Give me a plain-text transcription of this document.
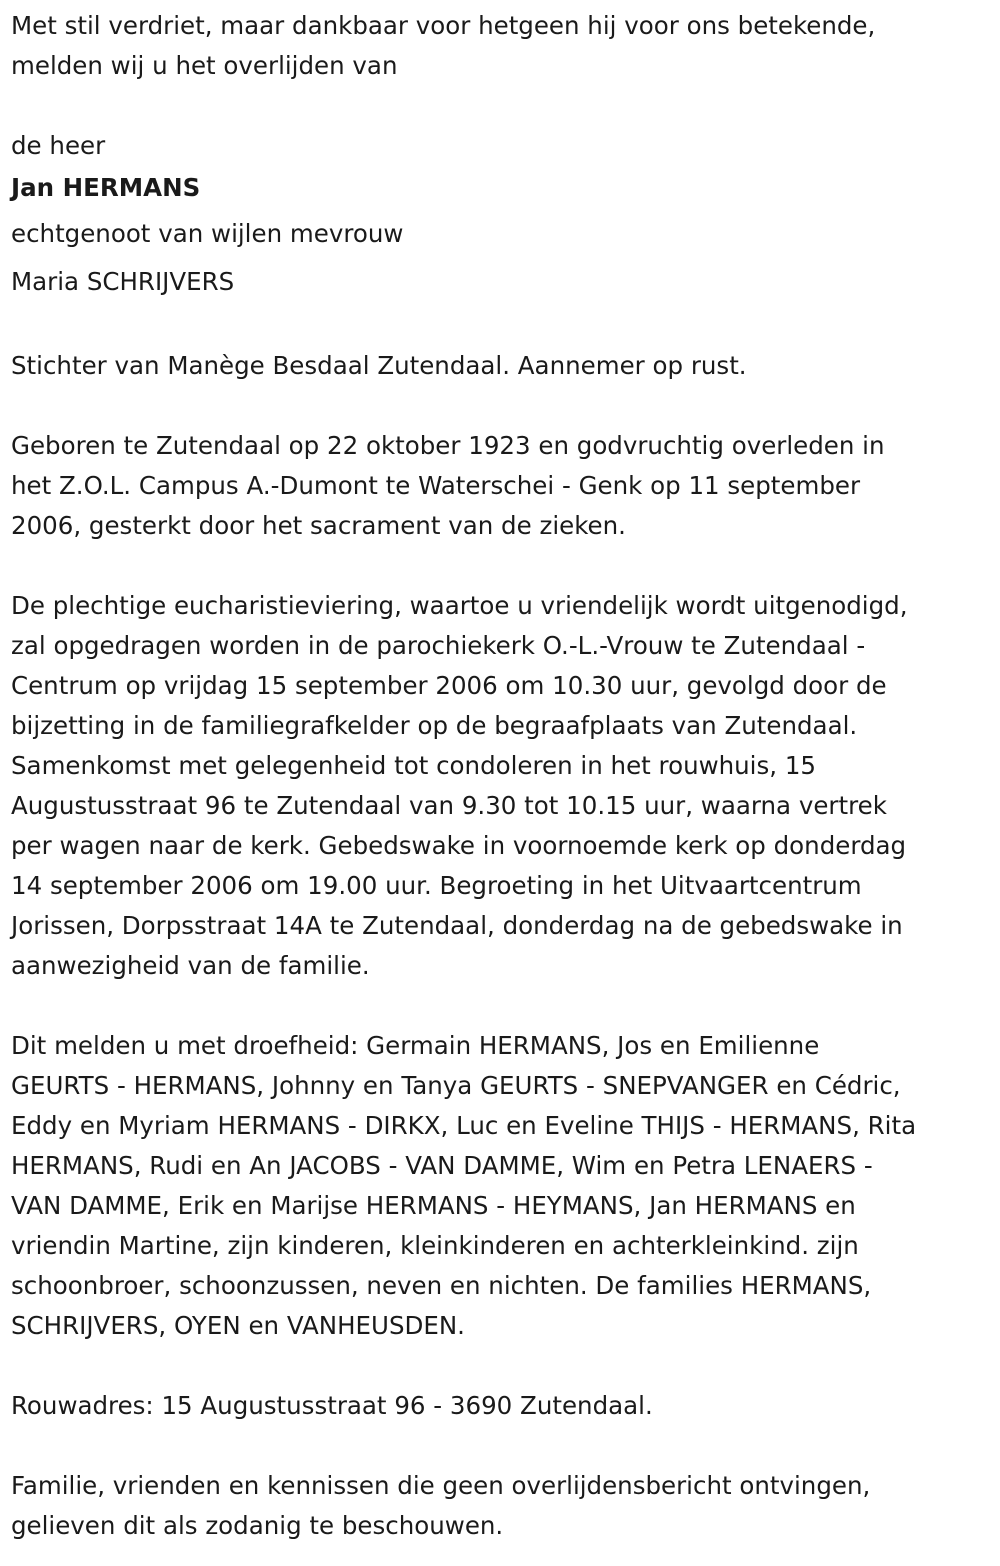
Met stil verdriet, maar dankbaar voor hetgeen hij voor ons betekende,
melden wij u het overlijden van

de heer

Jan HERMANS

echtgenoot van wijlen mevrouw

Maria SCHRIJVERS

Stichter van Manège Besdaal Zutendaal. Aannemer op rust.

Geboren te Zutendaal op 22 oktober 1923 en godvruchtig overleden in
het Z.O.L. Campus A.-Dumont te Waterschei - Genk op 11 september
2006, gesterkt door het sacrament van de zieken.

De plechtige eucharistieviering, waartoe u vriendelijk wordt uitgenodigd,
zal opgedragen worden in de parochiekerk O.-L.-Vrouw te Zutendaal -
Centrum op vrijdag 15 september 2006 om 10.30 uur, gevolgd door de
bijzetting in de familiegrafkelder op de begraafplaats van Zutendaal.
Samenkomst met gelegenheid tot condoleren in het rouwhuis, 15
Augustusstraat 96 te Zutendaal van 9.30 tot 10.15 uur, waarna vertrek
per wagen naar de kerk. Gebedswake in voornoemde kerk op donderdag
14 september 2006 om 19.00 uur. Begroeting in het Uitvaartcentrum
Jorissen, Dorpsstraat 14A te Zutendaal, donderdag na de gebedswake in
aanwezigheid van de familie.

Dit melden u met droefheid: Germain HERMANS, Jos en Emilienne
GEURTS - HERMANS, Johnny en Tanya GEURTS - SNEPVANGER en Cédric,
Eddy en Myriam HERMANS - DIRKX, Luc en Eveline THIJS - HERMANS, Rita
HERMANS, Rudi en An JACOBS - VAN DAMME, Wim en Petra LENAERS -
VAN DAMME, Erik en Marijse HERMANS - HEYMANS, Jan HERMANS en
vriendin Martine, zijn kinderen, kleinkinderen en achterkleinkind. zijn
schoonbroer, schoonzussen, neven en nichten. De families HERMANS,
SCHRIJVERS, OYEN en VANHEUSDEN.

Rouwadres: 15 Augustusstraat 96 - 3690 Zutendaal.

Familie, vrienden en kennissen die geen overlijdensbericht ontvingen,
gelieven dit als zodanig te beschouwen.
